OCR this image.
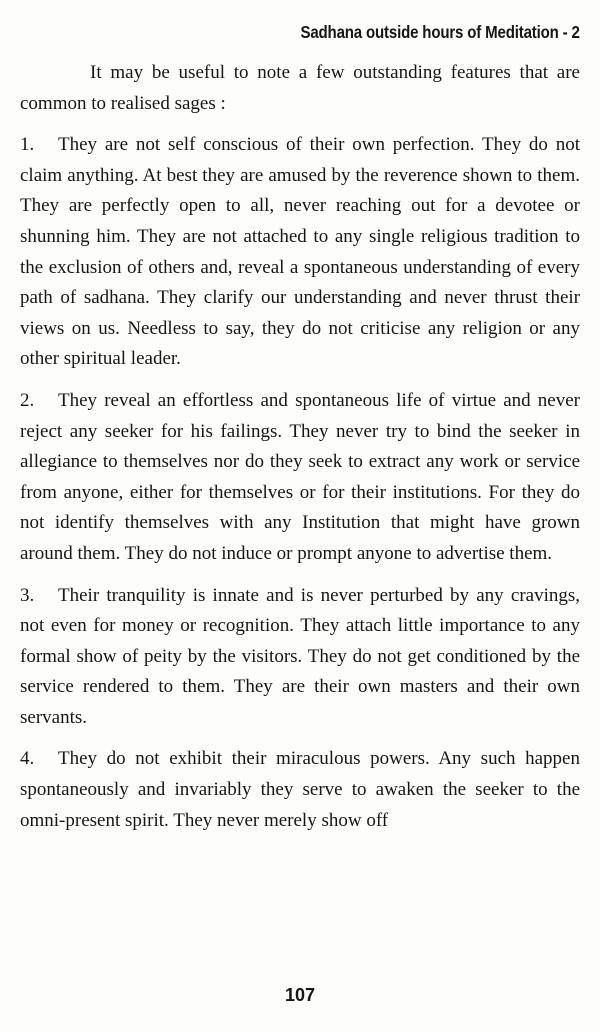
Sadhana outside hours of Meditation - 2

It may be useful to note a few outstanding features that are common to realised sages :

1. They are not self conscious of their own perfection. They do not claim anything. At best they are amused by the reverence shown to them. They are perfectly open to all, never reaching out for a devotee or shunning him. They are not attached to any single religious tradition to the exclusion of others and, reveal a spontaneous understanding of every path of sadhana. They clarify our understanding and never thrust their views on us. Needless to say, they do not criticise any religion or any other spiritual leader.

2. They reveal an effortless and spontaneous life of virtue and never reject any seeker for his failings. They never try to bind the seeker in allegiance to themselves nor do they seek to extract any work or service from anyone, either for themselves or for their institutions. For they do not identify themselves with any Institution that might have grown around them. They do not induce or prompt anyone to advertise them.

3. Their tranquility is innate and is never perturbed by any cravings, not even for money or recognition. They attach little importance to any formal show of peity by the visitors. They do not get conditioned by the service rendered to them. They are their own masters and their own servants.

4. They do not exhibit their miraculous powers. Any such happen spontaneously and invariably they serve to awaken the seeker to the omni-present spirit. They never merely show off

107
